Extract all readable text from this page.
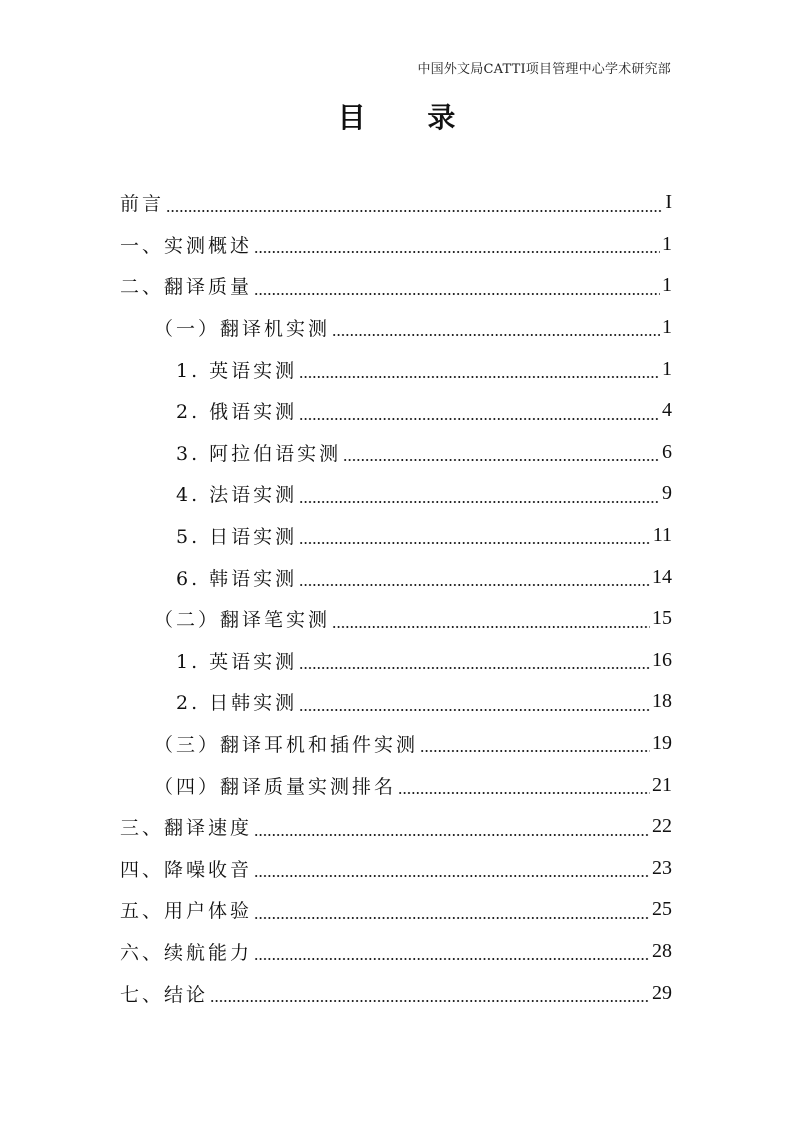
中国外文局CATTI项目管理中心学术研究部
目 录
前言	I
一、实测概述	1
二、翻译质量	1
（一）翻译机实测	1
1. 英语实测	1
2. 俄语实测	4
3. 阿拉伯语实测	6
4. 法语实测	9
5. 日语实测	11
6. 韩语实测	14
（二）翻译笔实测	15
1. 英语实测	16
2. 日韩实测	18
（三）翻译耳机和插件实测	19
（四）翻译质量实测排名	21
三、翻译速度	22
四、降噪收音	23
五、用户体验	25
六、续航能力	28
七、结论	29
